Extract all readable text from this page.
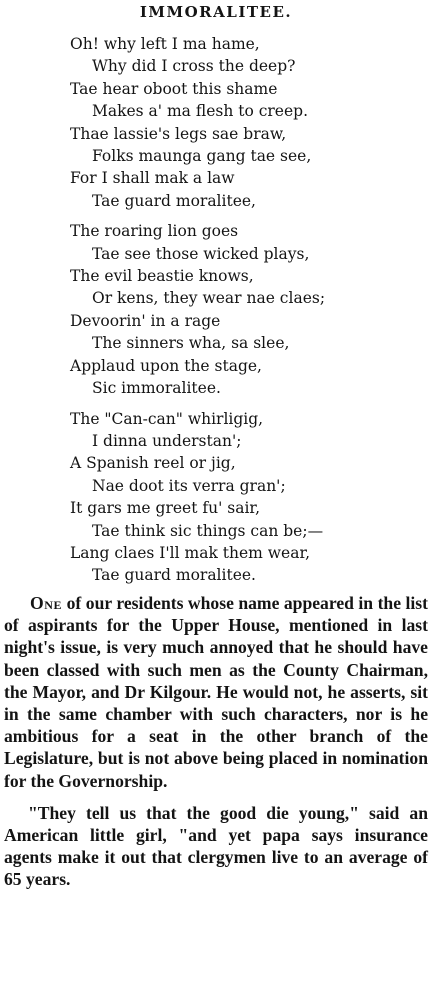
IMMORALITEE.
Oh! why left I ma hame,
Why did I cross the deep?
Tae hear oboot this shame
Makes a' ma flesh to creep.
Thae lassie's legs sae braw,
Folks maunga gang tae see,
For I shall mak a law
Tae guard moralitee,
The roaring lion goes
Tae see those wicked plays,
The evil beastie knows,
Or kens, they wear nae claes;
Devoorin' in a rage
The sinners wha, sa slee,
Applaud upon the stage,
Sic immoralitee.
The "Can-can" whirligig,
I dinna understan';
A Spanish reel or jig,
Nae doot its verra gran';
It gars me greet fu' sair,
Tae think sic things can be;—
Lang claes I'll mak them wear,
Tae guard moralitee.

One of our residents whose name appeared in the list of aspirants for the Upper House, mentioned in last night's issue, is very much annoyed that he should have been classed with such men as the County Chairman, the Mayor, and Dr Kilgour. He would not, he asserts, sit in the same chamber with such characters, nor is he ambitious for a seat in the other branch of the Legislature, but is not above being placed in nomination for the Governorship.

"They tell us that the good die young," said an American little girl, "and yet papa says insurance agents make it out that clergymen live to an average of 65 years.
